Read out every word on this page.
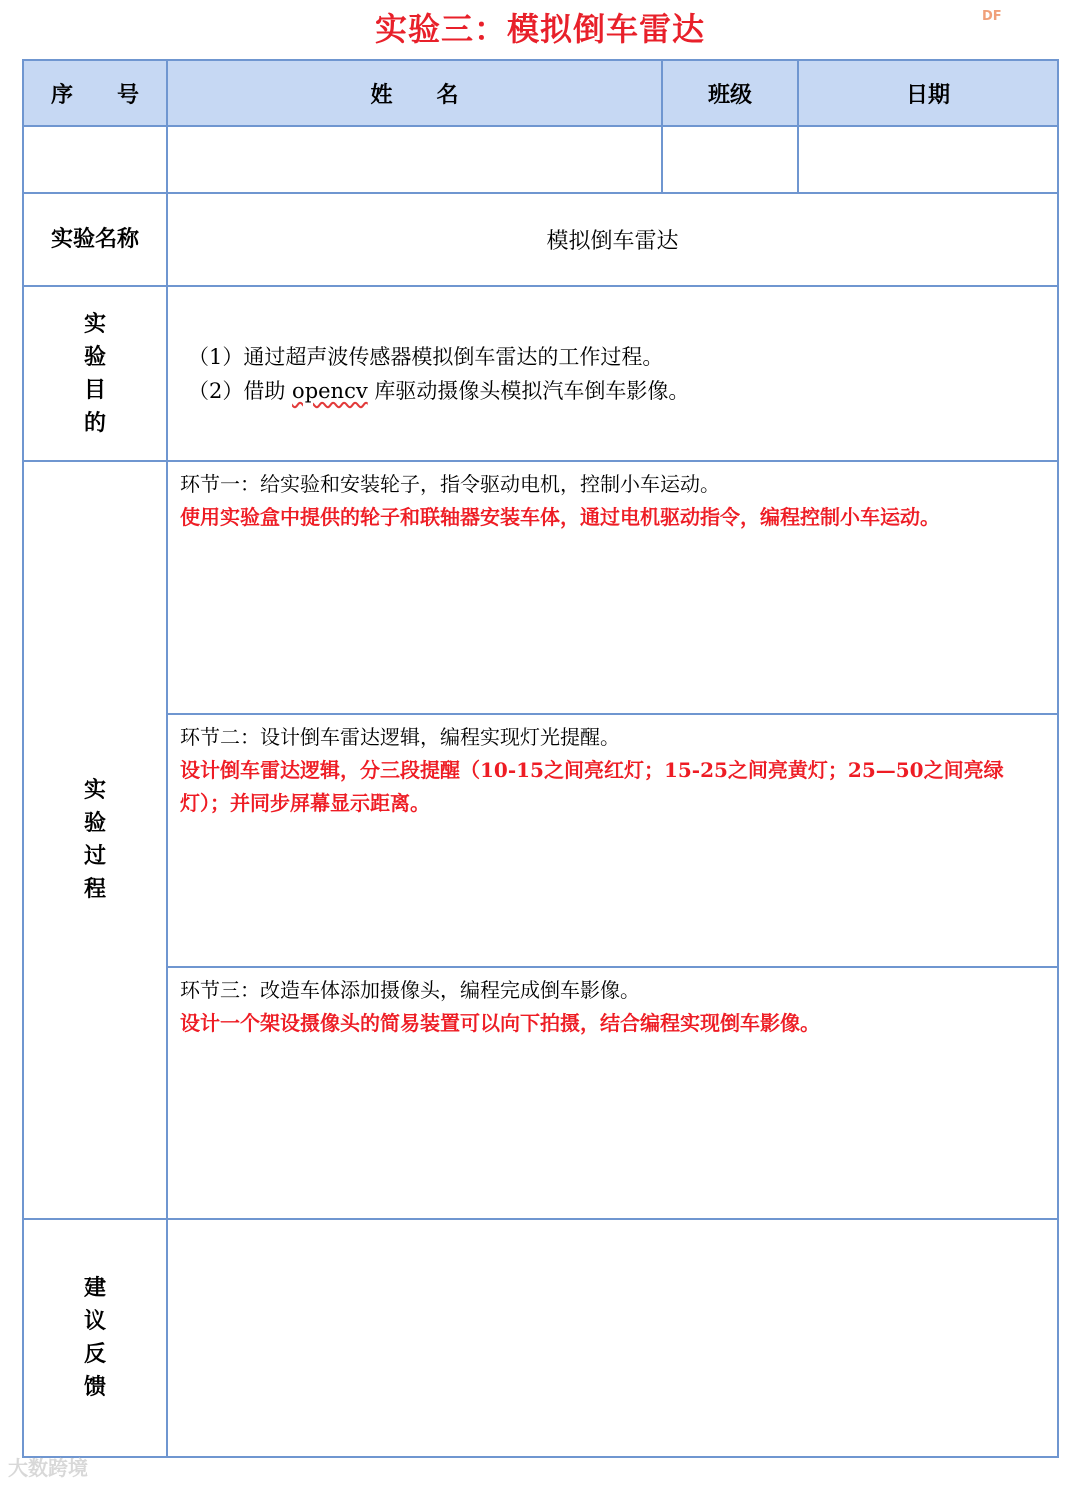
实验三：模拟倒车雷达	DF
序　　号	姓　　名	班级	日期

实验名称	模拟倒车雷达		
实验目的	（1）通过超声波传感器模拟倒车雷达的工作过程。
（2）借助 opencv 库驱动摄像头模拟汽车倒车影像。		

实验过程	环节一：给实验和安装轮子，指令驱动电机，控制小车运动。
使用实验盒中提供的轮子和联轴器安装车体，通过电机驱动指令，编程控制小车运动。		

	环节二：设计倒车雷达逻辑，编程实现灯光提醒。
设计倒车雷达逻辑，分三段提醒（10-15之间亮红灯；15-25之间亮黄灯；25—50之间亮绿灯）；并同步屏幕显示距离。		

	环节三：改造车体添加摄像头，编程完成倒车影像。
设计一个架设摄像头的简易装置可以向下拍摄，结合编程实现倒车影像。		

建议反馈			
大数跨境
